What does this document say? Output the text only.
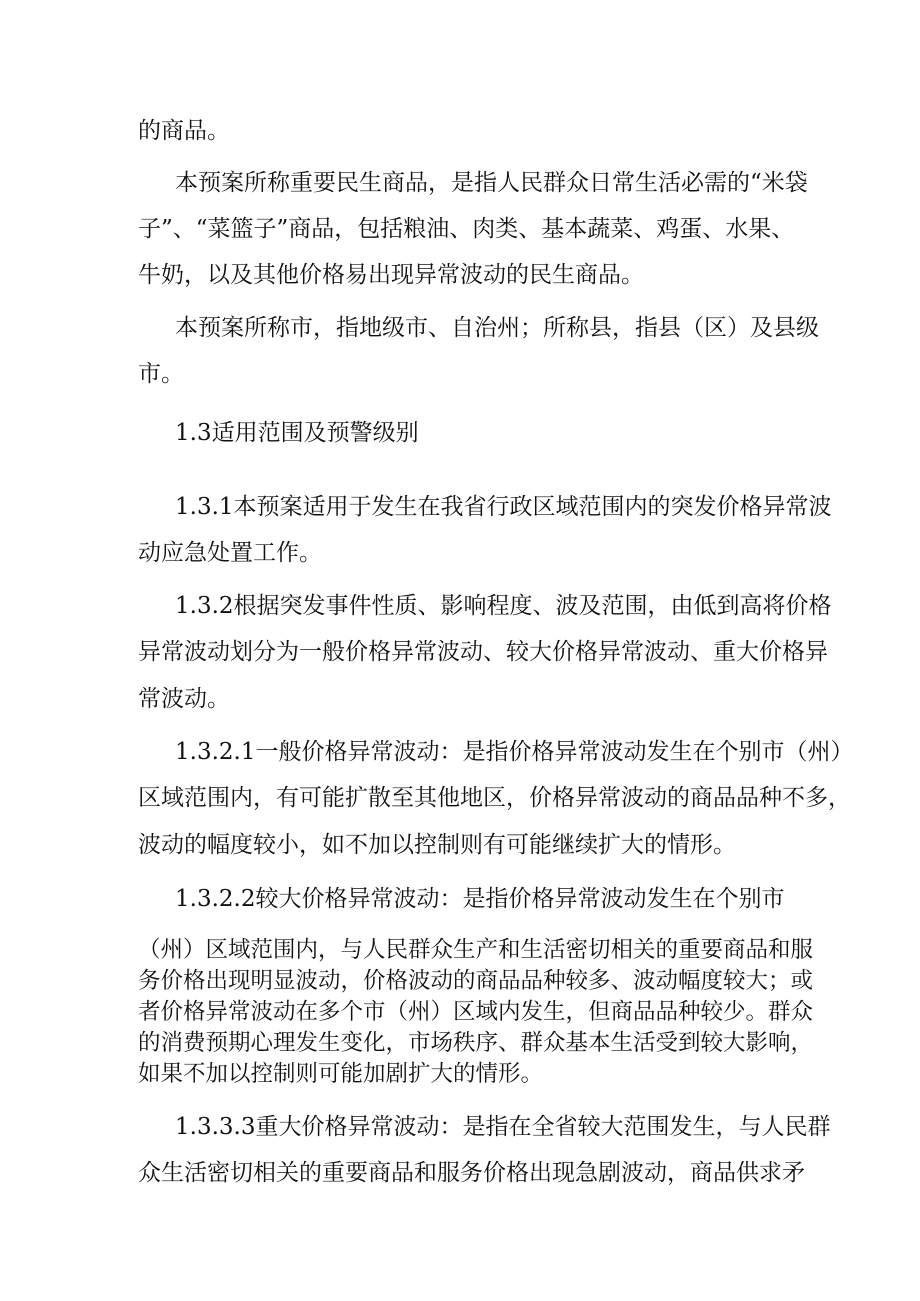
的商品。

本预案所称重要民生商品，是指人民群众日常生活必需的“米袋

子”、“菜篮子”商品，包括粮油、肉类、基本蔬菜、鸡蛋、水果、

牛奶，以及其他价格易出现异常波动的民生商品。

本预案所称市，指地级市、自治州；所称县，指县（区）及县级

市。

1.3适用范围及预警级别

1.3.1本预案适用于发生在我省行政区域范围内的突发价格异常波

动应急处置工作。

1.3.2根据突发事件性质、影响程度、波及范围，由低到高将价格

异常波动划分为一般价格异常波动、较大价格异常波动、重大价格异

常波动。

1.3.2.1一般价格异常波动：是指价格异常波动发生在个别市（州）

区域范围内，有可能扩散至其他地区，价格异常波动的商品品种不多，

波动的幅度较小，如不加以控制则有可能继续扩大的情形。

1.3.2.2较大价格异常波动：是指价格异常波动发生在个别市

（州）区域范围内，与人民群众生产和生活密切相关的重要商品和服

务价格出现明显波动，价格波动的商品品种较多、波动幅度较大；或

者价格异常波动在多个市（州）区域内发生，但商品品种较少。群众

的消费预期心理发生变化，市场秩序、群众基本生活受到较大影响，

如果不加以控制则可能加剧扩大的情形。

1.3.3.3重大价格异常波动：是指在全省较大范围发生，与人民群

众生活密切相关的重要商品和服务价格出现急剧波动，商品供求矛
